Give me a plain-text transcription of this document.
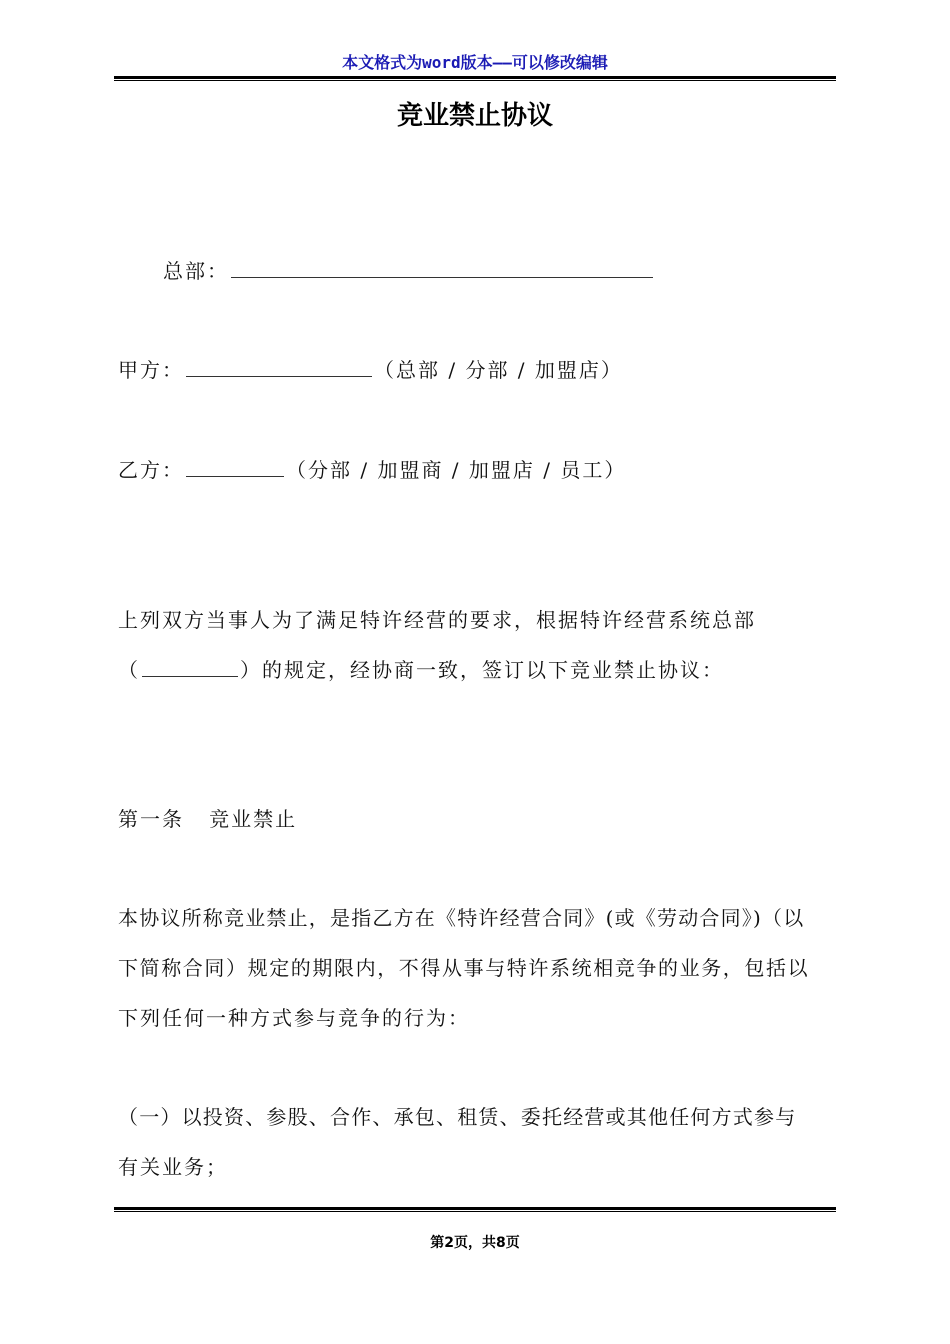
本文格式为word版本——可以修改编辑
竞业禁止协议
总部：
甲方：	（总部 / 分部 / 加盟店）
乙方：	（分部 / 加盟商 / 加盟店 / 员工）
上列双方当事人为了满足特许经营的要求，根据特许经营系统总部
（	）的规定，经协商一致，签订以下竞业禁止协议：
第一条   竞业禁止
本协议所称竞业禁止，是指乙方在《特许经营合同》(或《劳动合同》)（以
下简称合同）规定的期限内，不得从事与特许系统相竞争的业务，包括以
下列任何一种方式参与竞争的行为：
（一）以投资、参股、合作、承包、租赁、委托经营或其他任何方式参与
有关业务；
第2页，共8页
